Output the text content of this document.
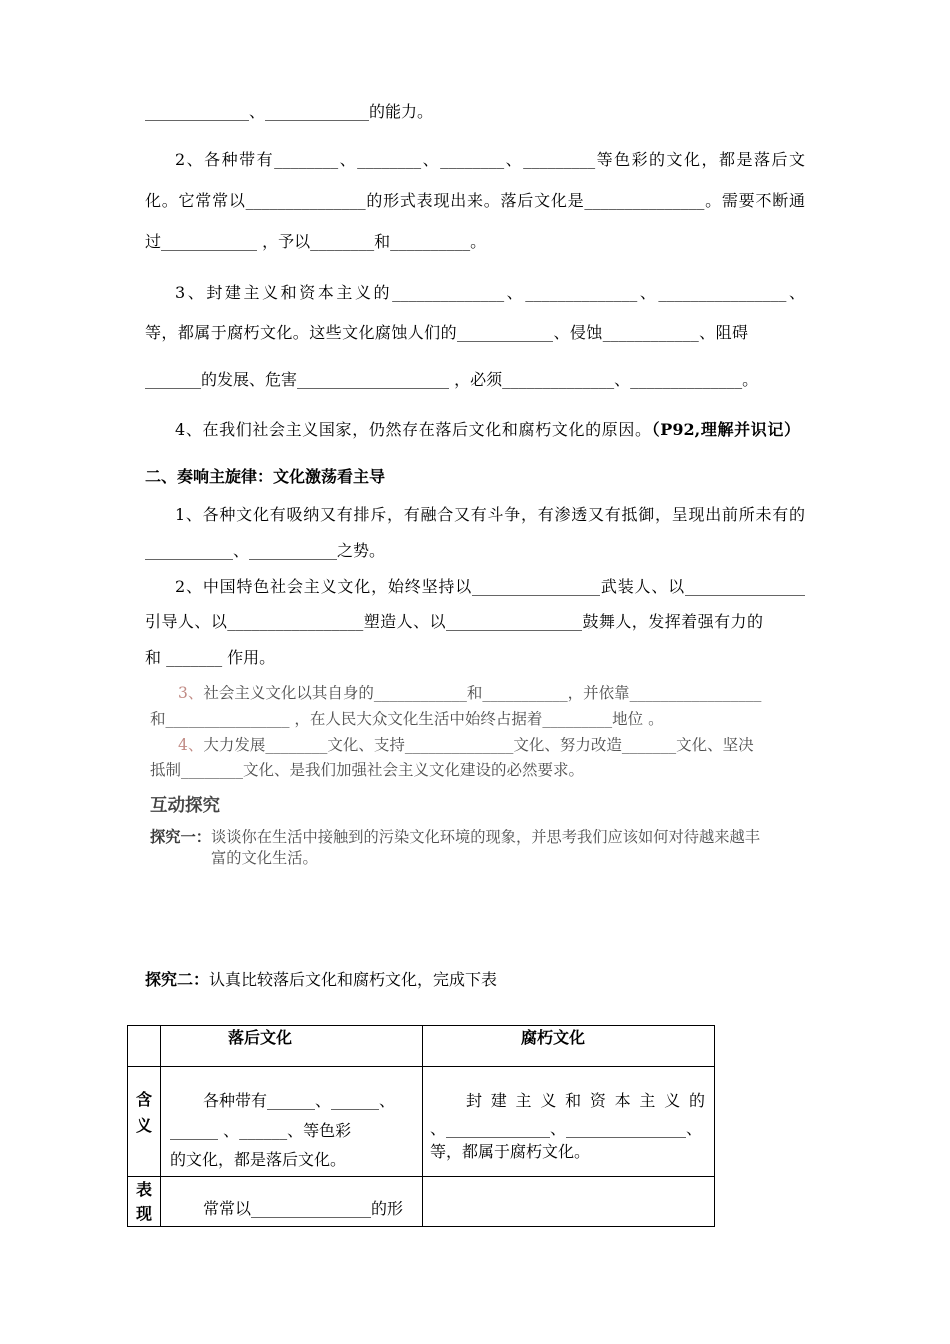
_____________、_____________的能力。
2、各种带有________、________、________、_________等色彩的文化，都是落后文
化。它常常以_______________的形式表现出来。落后文化是_______________。需要不断通
过____________ ，予以________和__________。
3、封建主义和资本主义的______________、______________、________________、
等，都属于腐朽文化。这些文化腐蚀人们的____________、侵蚀____________、阻碍
_______的发展、危害___________________ ，必须______________、______________。
4、在我们社会主义国家，仍然存在落后文化和腐朽文化的原因。（P92,理解并识记）
二、奏响主旋律：文化激荡看主导
1、各种文化有吸纳又有排斥，有融合又有斗争，有渗透又有抵御，呈现出前所未有的
___________、___________之势。
2、中国特色社会主义文化，始终坚持以________________武装人、以_______________
引导人、以_________________塑造人、以_________________鼓舞人，发挥着强有力的
和 _______ 作用。
3、社会主义文化以其自身的____________和___________，并依靠_________________
和________________ ，在人民大众文化生活中始终占据着_________地位 。
4、大力发展________文化、支持______________文化、努力改造_______文化、坚决
抵制________文化、是我们加强社会主义文化建设的必然要求。
互动探究
探究一：谈谈你在生活中接触到的污染文化环境的现象，并思考我们应该如何对待越来越丰
富的文化生活。
探究二：认真比较落后文化和腐朽文化，完成下表
落后文化	腐朽文化
含义
各种带有______、______、
______ 、______、等色彩
的文化，都是落后文化。
封建主义和资本主义的
、_____________、_______________、
等，都属于腐朽文化。
表现	常常以_______________的形
